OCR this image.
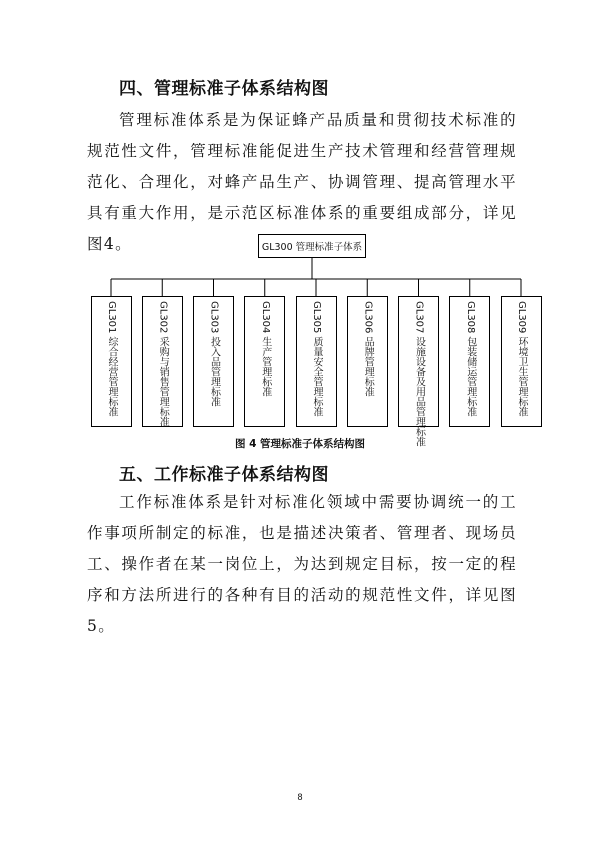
四、管理标准子体系结构图

管理标准体系是为保证蜂产品质量和贯彻技术标准的规范性文件，管理标准能促进生产技术管理和经营管理规范化、合理化，对蜂产品生产、协调管理、提高管理水平具有重大作用，是示范区标准体系的重要组成部分，详见图4。	GL300 管理标准子体系
GL301 综合经营管理标准	GL302 采购与销售管理标准	GL303 投入品管理标准	GL304 生产管理标准	GL305 质量安全管理标准	GL306 品牌管理标准	GL307 设施设备及用品管理标准	GL308 包装储运管理标准	GL309 环境卫生管理标准
图 4 管理标准子体系结构图
五、工作标准子体系结构图

工作标准体系是针对标准化领域中需要协调统一的工作事项所制定的标准，也是描述决策者、管理者、现场员工、操作者在某一岗位上，为达到规定目标，按一定的程序和方法所进行的各种有目的活动的规范性文件，详见图5。

8
